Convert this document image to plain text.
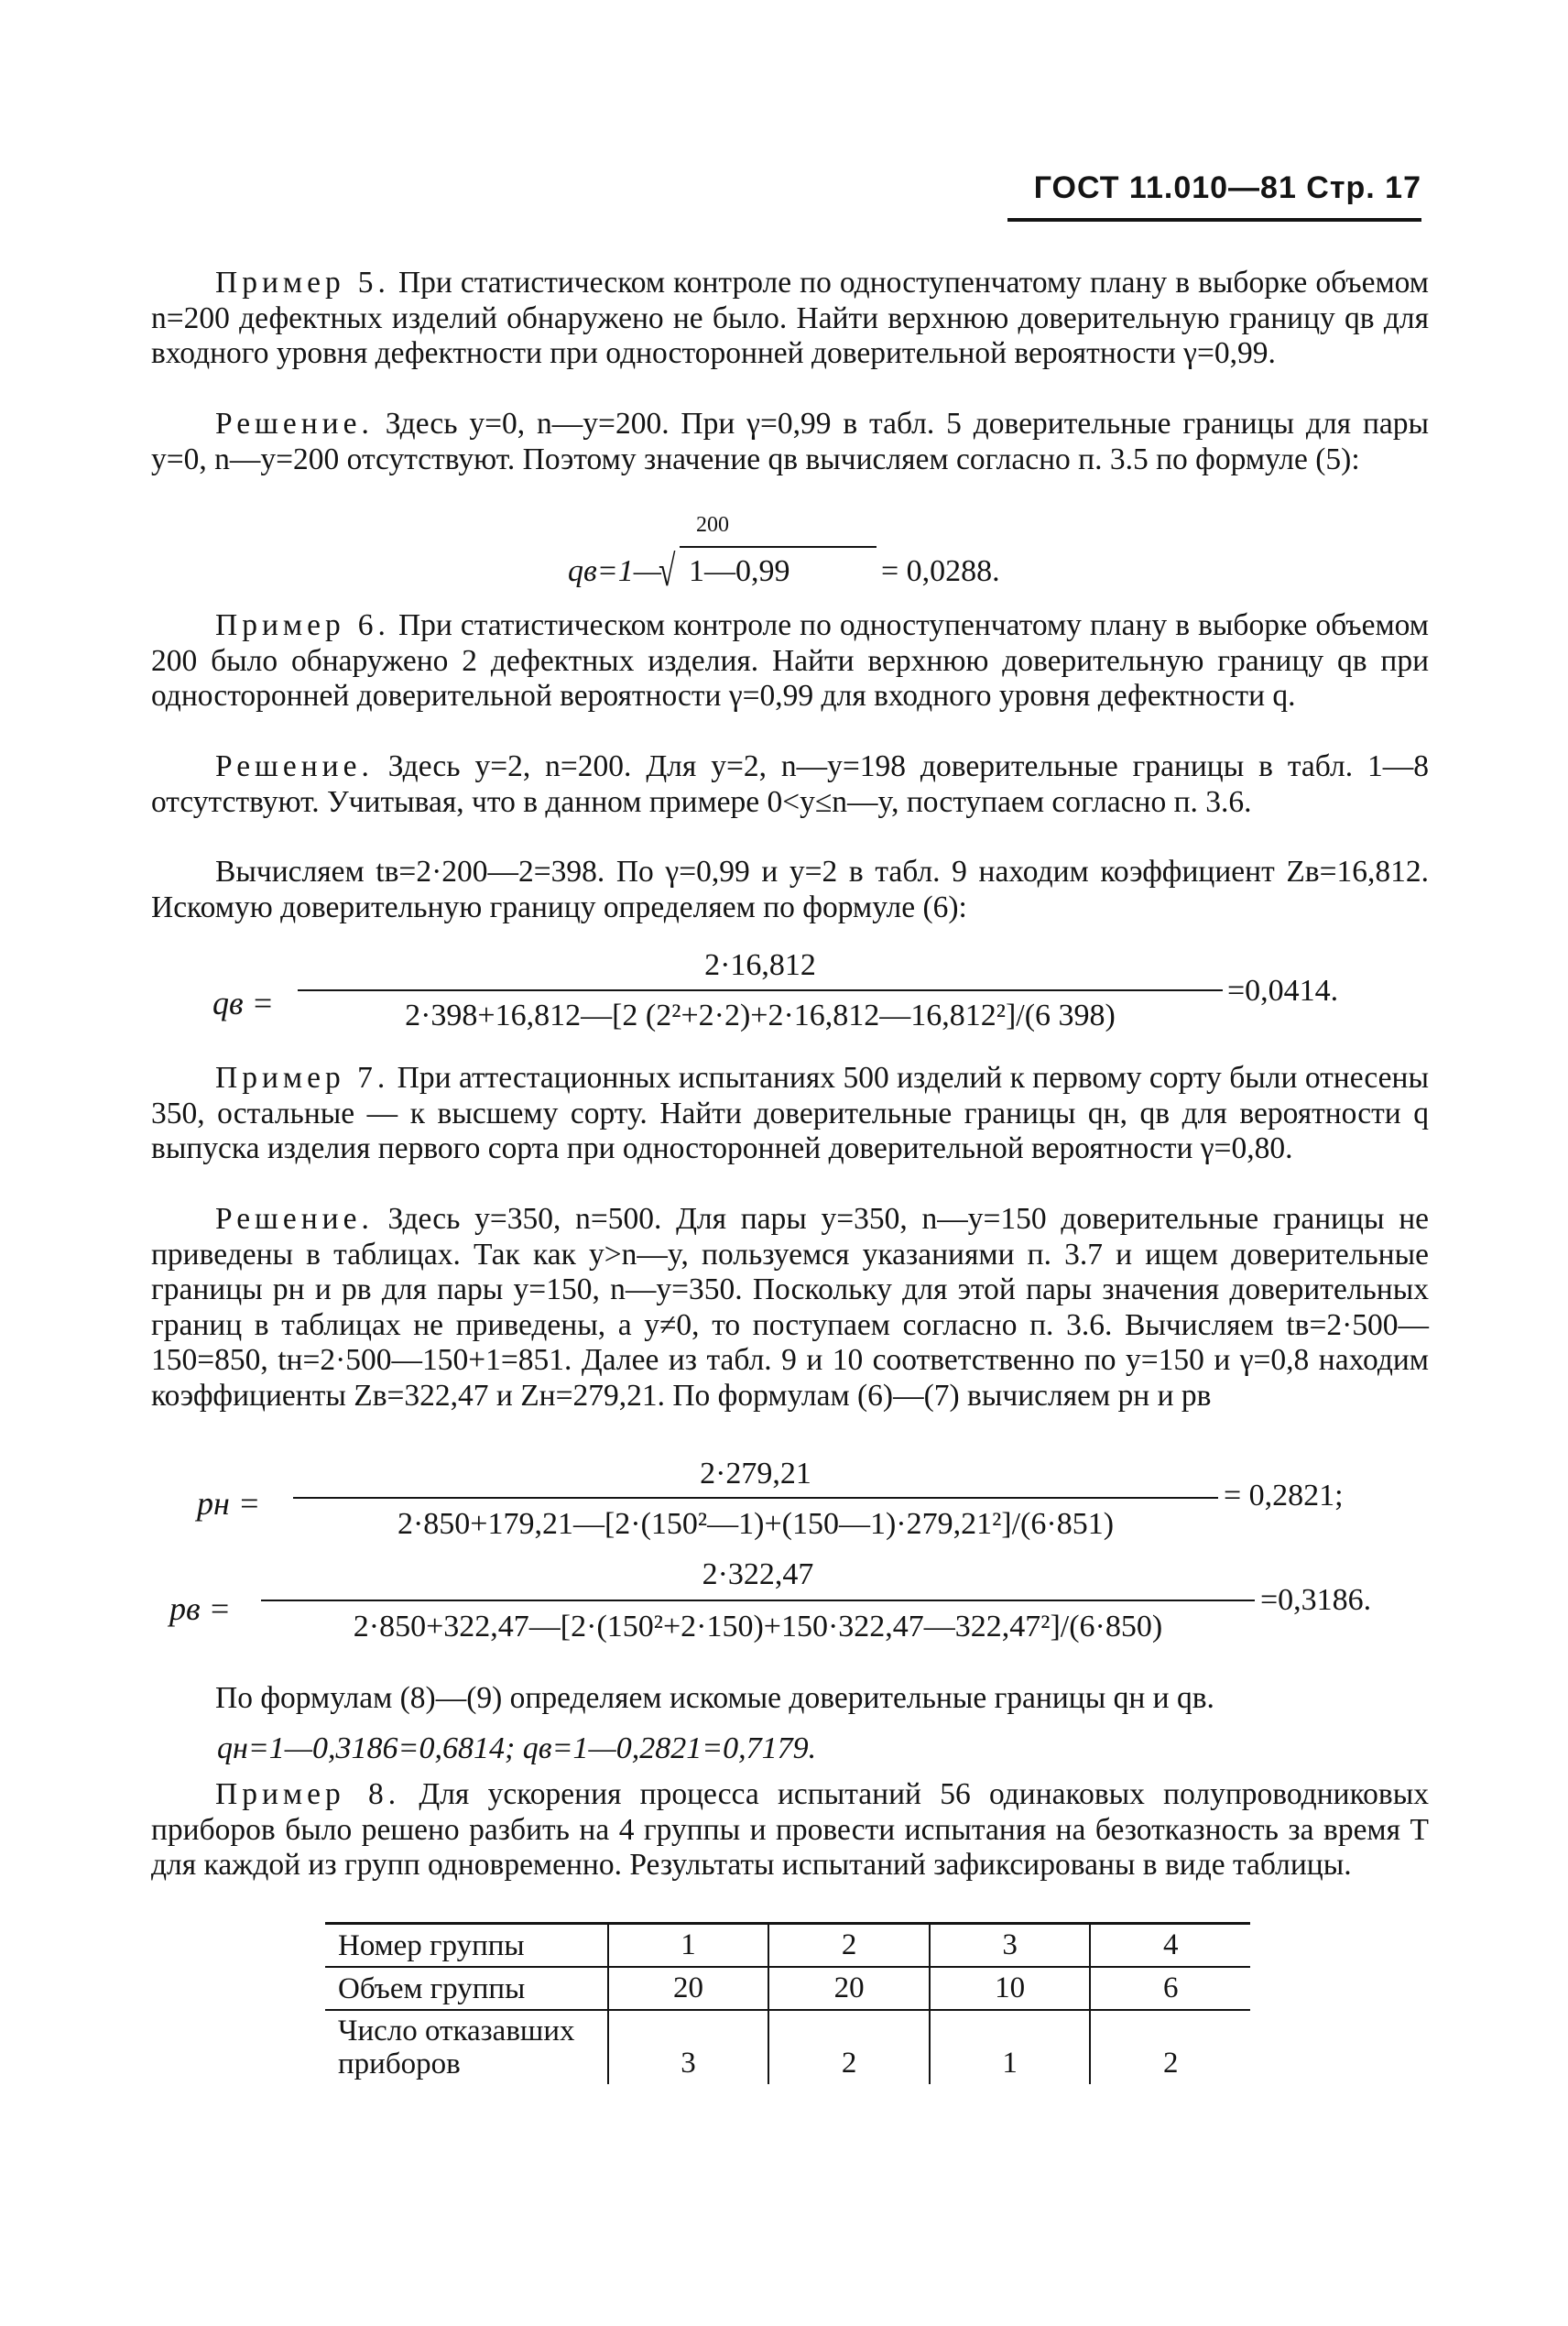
ГОСТ 11.010—81 Стр. 17

Пример 5. При статистическом контроле по одноступенчатому плану в выборке объемом n=200 дефектных изделий обнаружено не было. Найти верхнюю доверительную границу qв для входного уровня дефектности при односторонней доверительной вероятности γ=0,99.

Решение. Здесь y=0, n—y=200. При γ=0,99 в табл. 5 доверительные границы для пары y=0, n—y=200 отсутствуют. Поэтому значение qв вычисляем согласно п. 3.5 по формуле (5):

200
qв=1—
√ 1—0,99	= 0,0288.

Пример 6. При статистическом контроле по одноступенчатому плану в выборке объемом 200 было обнаружено 2 дефектных изделия. Найти верхнюю доверительную границу qв при односторонней доверительной вероятности γ=0,99 для входного уровня дефектности q.

Решение. Здесь y=2, n=200. Для y=2, n—y=198 доверительные границы в табл. 1—8 отсутствуют. Учитывая, что в данном примере 0<y≤n—y, поступаем согласно п. 3.6.

Вычисляем tв=2·200—2=398. По γ=0,99 и y=2 в табл. 9 находим коэффициент Zв=16,812. Искомую доверительную границу определяем по формуле (6):

qв =
2·16,812
2·398+16,812—[2 (2²+2·2)+2·16,812—16,812²]/(6 398)
=0,0414.

Пример 7. При аттестационных испытаниях 500 изделий к первому сорту были отнесены 350, остальные — к высшему сорту. Найти доверительные границы qн, qв для вероятности q выпуска изделия первого сорта при односторонней доверительной вероятности γ=0,80.

Решение. Здесь y=350, n=500. Для пары y=350, n—y=150 доверительные границы не приведены в таблицах. Так как y>n—y, пользуемся указаниями п. 3.7 и ищем доверительные границы pн и pв для пары y=150, n—y=350. Поскольку для этой пары значения доверительных границ в таблицах не приведены, а y≠0, то поступаем согласно п. 3.6. Вычисляем tв=2·500—150=850, tн=2·500—150+1=851. Далее из табл. 9 и 10 соответственно по y=150 и γ=0,8 находим коэффициенты Zв=322,47 и Zн=279,21. По формулам (6)—(7) вычисляем pн и pв

pн =
2·279,21
2·850+179,21—[2·(150²—1)+(150—1)·279,21²]/(6·851)
= 0,2821;
pв =
2·322,47
2·850+322,47—[2·(150²+2·150)+150·322,47—322,47²]/(6·850)
=0,3186.

По формулам (8)—(9) определяем искомые доверительные границы qн и qв.

qн=1—0,3186=0,6814; qв=1—0,2821=0,7179.

Пример 8. Для ускорения процесса испытаний 56 одинаковых полупроводниковых приборов было решено разбить на 4 группы и провести испытания на безотказность за время T для каждой из групп одновременно. Результаты испытаний зафиксированы в виде таблицы.

Номер группы	1	2	3	4
Объем группы	20	20	10	6
Число отказавших приборов	3	2	1	2
